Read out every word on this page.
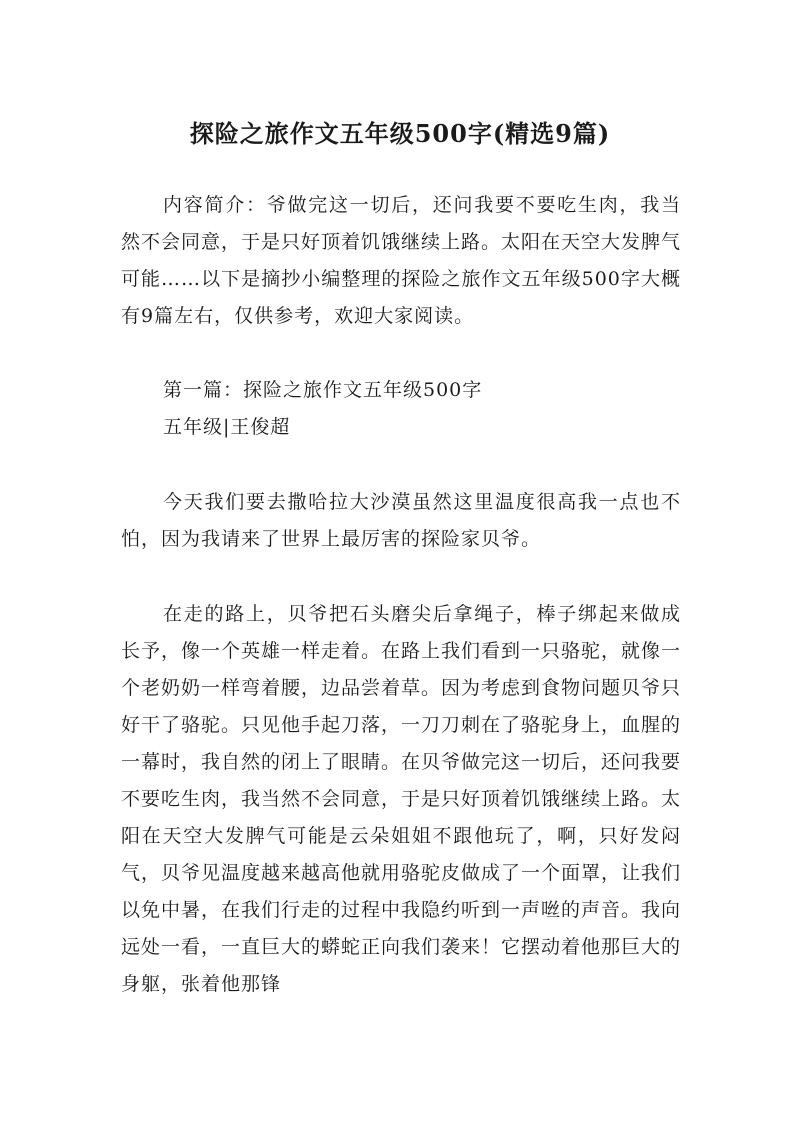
探险之旅作文五年级500字(精选9篇)

内容简介：爷做完这一切后，还问我要不要吃生肉，我当然不会同意，于是只好顶着饥饿继续上路。太阳在天空大发脾气可能……以下是摘抄小编整理的探险之旅作文五年级500字大概有9篇左右，仅供参考，欢迎大家阅读。

第一篇：探险之旅作文五年级500字

五年级|王俊超

今天我们要去撒哈拉大沙漠虽然这里温度很高我一点也不怕，因为我请来了世界上最厉害的探险家贝爷。

在走的路上，贝爷把石头磨尖后拿绳子，棒子绑起来做成长予，像一个英雄一样走着。在路上我们看到一只骆驼，就像一个老奶奶一样弯着腰，边品尝着草。因为考虑到食物问题贝爷只好干了骆驼。只见他手起刀落，一刀刀刺在了骆驼身上，血腥的一幕时，我自然的闭上了眼睛。在贝爷做完这一切后，还问我要不要吃生肉，我当然不会同意，于是只好顶着饥饿继续上路。太阳在天空大发脾气可能是云朵姐姐不跟他玩了，啊，只好发闷气，贝爷见温度越来越高他就用骆驼皮做成了一个面罩，让我们以免中暑，在我们行走的过程中我隐约听到一声咝的声音。我向远处一看，一直巨大的蟒蛇正向我们袭来！它摆动着他那巨大的身躯，张着他那锋
